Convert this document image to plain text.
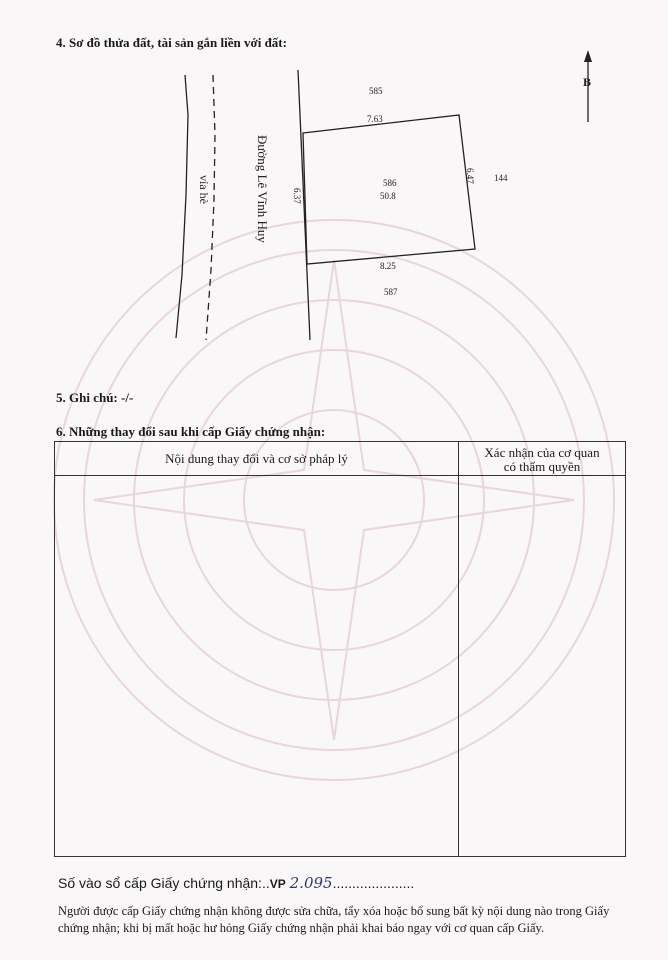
4. Sơ đồ thửa đất, tài sản gắn liền với đất:
B
vỉa hè	Đường Lê Vĩnh Huy
585
144
587
586
50.8
7.63
8.25
6.37
6.47
5. Ghi chú: -/-
6. Những thay đổi sau khi cấp Giấy chứng nhận:
Nội dung thay đổi và cơ sở pháp lý	Xác nhận của cơ quan
có thẩm quyền
Số vào sổ cấp Giấy chứng nhận:..VP 2.095.....................
Người được cấp Giấy chứng nhận không được sửa chữa, tẩy xóa hoặc bổ sung bất kỳ nội dung nào trong Giấy chứng nhận; khi bị mất hoặc hư hỏng Giấy chứng nhận phải khai báo ngay với cơ quan cấp Giấy.
